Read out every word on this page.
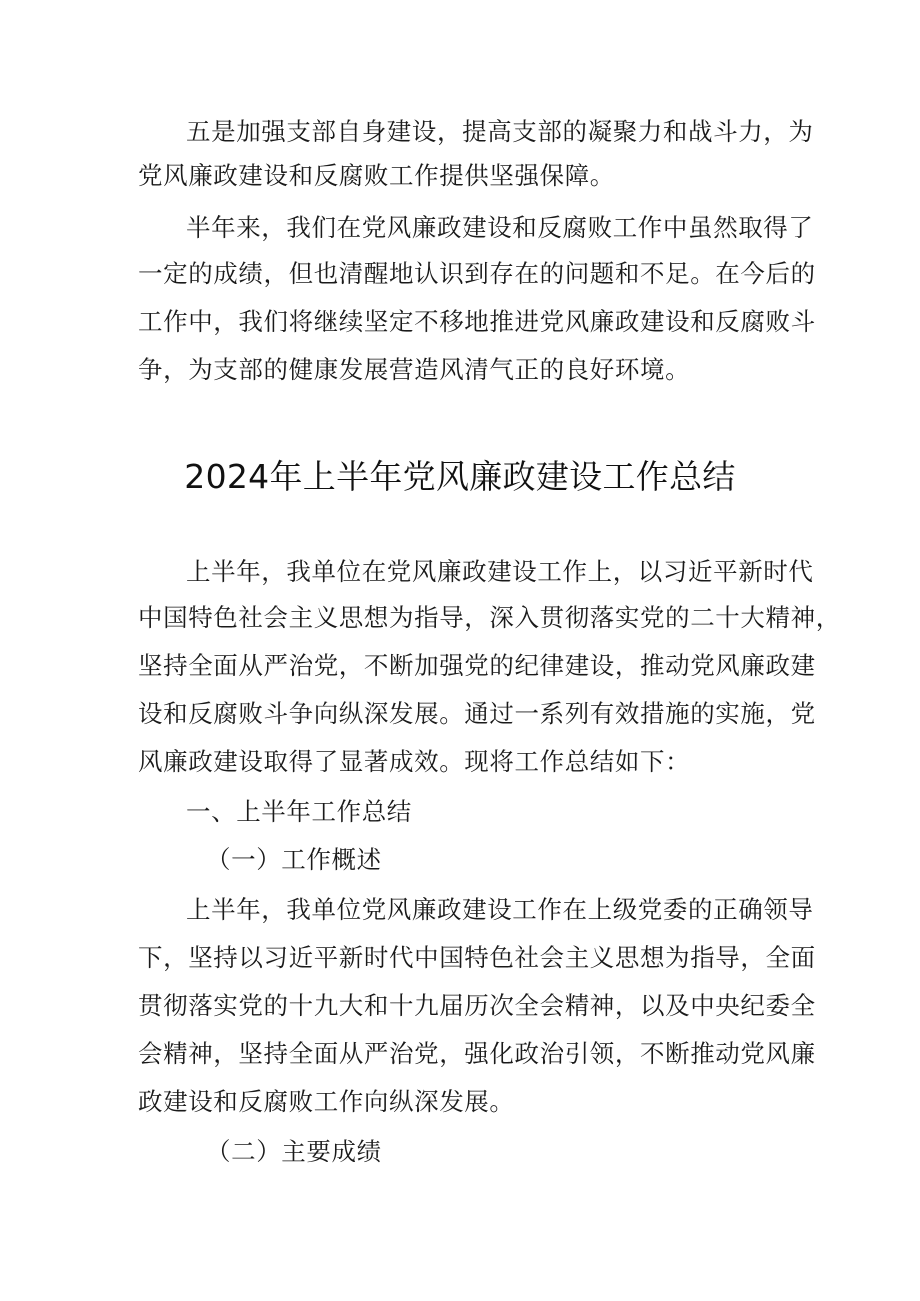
五是加强支部自身建设，提高支部的凝聚力和战斗力，为

党风廉政建设和反腐败工作提供坚强保障。

半年来，我们在党风廉政建设和反腐败工作中虽然取得了

一定的成绩，但也清醒地认识到存在的问题和不足。在今后的

工作中，我们将继续坚定不移地推进党风廉政建设和反腐败斗

争，为支部的健康发展营造风清气正的良好环境。

2024年上半年党风廉政建设工作总结

上半年，我单位在党风廉政建设工作上，以习近平新时代

中国特色社会主义思想为指导，深入贯彻落实党的二十大精神，

坚持全面从严治党，不断加强党的纪律建设，推动党风廉政建

设和反腐败斗争向纵深发展。通过一系列有效措施的实施，党

风廉政建设取得了显著成效。现将工作总结如下：

一、上半年工作总结

（一）工作概述

上半年，我单位党风廉政建设工作在上级党委的正确领导

下，坚持以习近平新时代中国特色社会主义思想为指导，全面

贯彻落实党的十九大和十九届历次全会精神，以及中央纪委全

会精神，坚持全面从严治党，强化政治引领，不断推动党风廉

政建设和反腐败工作向纵深发展。

（二）主要成绩
